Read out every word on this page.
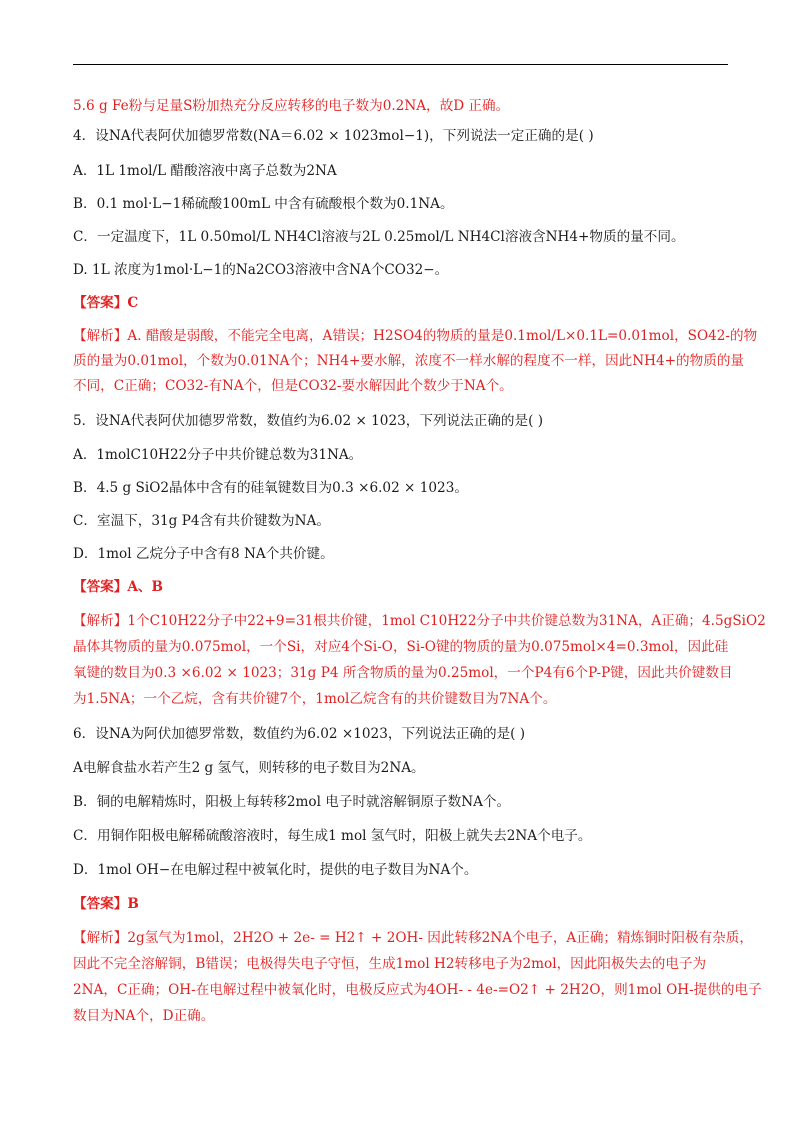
5.6 g Fe粉与足量S粉加热充分反应转移的电子数为0.2NA，故D 正确。
4．设NA代表阿伏加德罗常数(NA＝6.02 × 1023mol−1)，下列说法一定正确的是( )
A．1L 1mol/L 醋酸溶液中离子总数为2NA
B．0.1 mol·L−1稀硫酸100mL 中含有硫酸根个数为0.1NA。
C．一定温度下，1L 0.50mol/L NH4Cl溶液与2L 0.25mol/L NH4Cl溶液含NH4+物质的量不同。
D. 1L 浓度为1mol·L−1的Na2CO3溶液中含NA个CO32−。
【答案】C
【解析】A. 醋酸是弱酸，不能完全电离，A错误；H2SO4的物质的量是0.1mol/L×0.1L=0.01mol，SO42-的物
质的量为0.01mol，个数为0.01NA个；NH4+要水解，浓度不一样水解的程度不一样，因此NH4+的物质的量
不同，C正确；CO32-有NA个，但是CO32-要水解因此个数少于NA个。
5．设NA代表阿伏加德罗常数，数值约为6.02 × 1023，下列说法正确的是( )
A．1molC10H22分子中共价键总数为31NA。
B．4.5 g SiO2晶体中含有的硅氧键数目为0.3 ×6.02 × 1023。
C．室温下，31g P4含有共价键数为NA。
D．1mol 乙烷分子中含有8 NA个共价键。
【答案】A、B
【解析】1个C10H22分子中22+9=31根共价键，1mol C10H22分子中共价键总数为31NA，A正确；4.5gSiO2
晶体其物质的量为0.075mol，一个Si，对应4个Si-O，Si-O键的物质的量为0.075mol×4=0.3mol，因此硅
氧键的数目为0.3 ×6.02 × 1023；31g P4 所含物质的量为0.25mol，一个P4有6个P-P键，因此共价键数目
为1.5NA；一个乙烷，含有共价键7个，1mol乙烷含有的共价键数目为7NA个。
6．设NA为阿伏加德罗常数，数值约为6.02 ×1023，下列说法正确的是( )
A电解食盐水若产生2 g 氢气，则转移的电子数目为2NA。
B．铜的电解精炼时，阳极上每转移2mol 电子时就溶解铜原子数NA个。
C．用铜作阳极电解稀硫酸溶液时，每生成1 mol 氢气时，阳极上就失去2NA个电子。
D．1mol OH−在电解过程中被氧化时，提供的电子数目为NA个。
【答案】B
【解析】2g氢气为1mol，2H2O + 2e- = H2↑ + 2OH- 因此转移2NA个电子，A正确；精炼铜时阳极有杂质，
因此不完全溶解铜，B错误；电极得失电子守恒，生成1mol H2转移电子为2mol，因此阳极失去的电子为
2NA，C正确；OH-在电解过程中被氧化时，电极反应式为4OH- - 4e-=O2↑ + 2H2O，则1mol OH-提供的电子
数目为NA个，D正确。
